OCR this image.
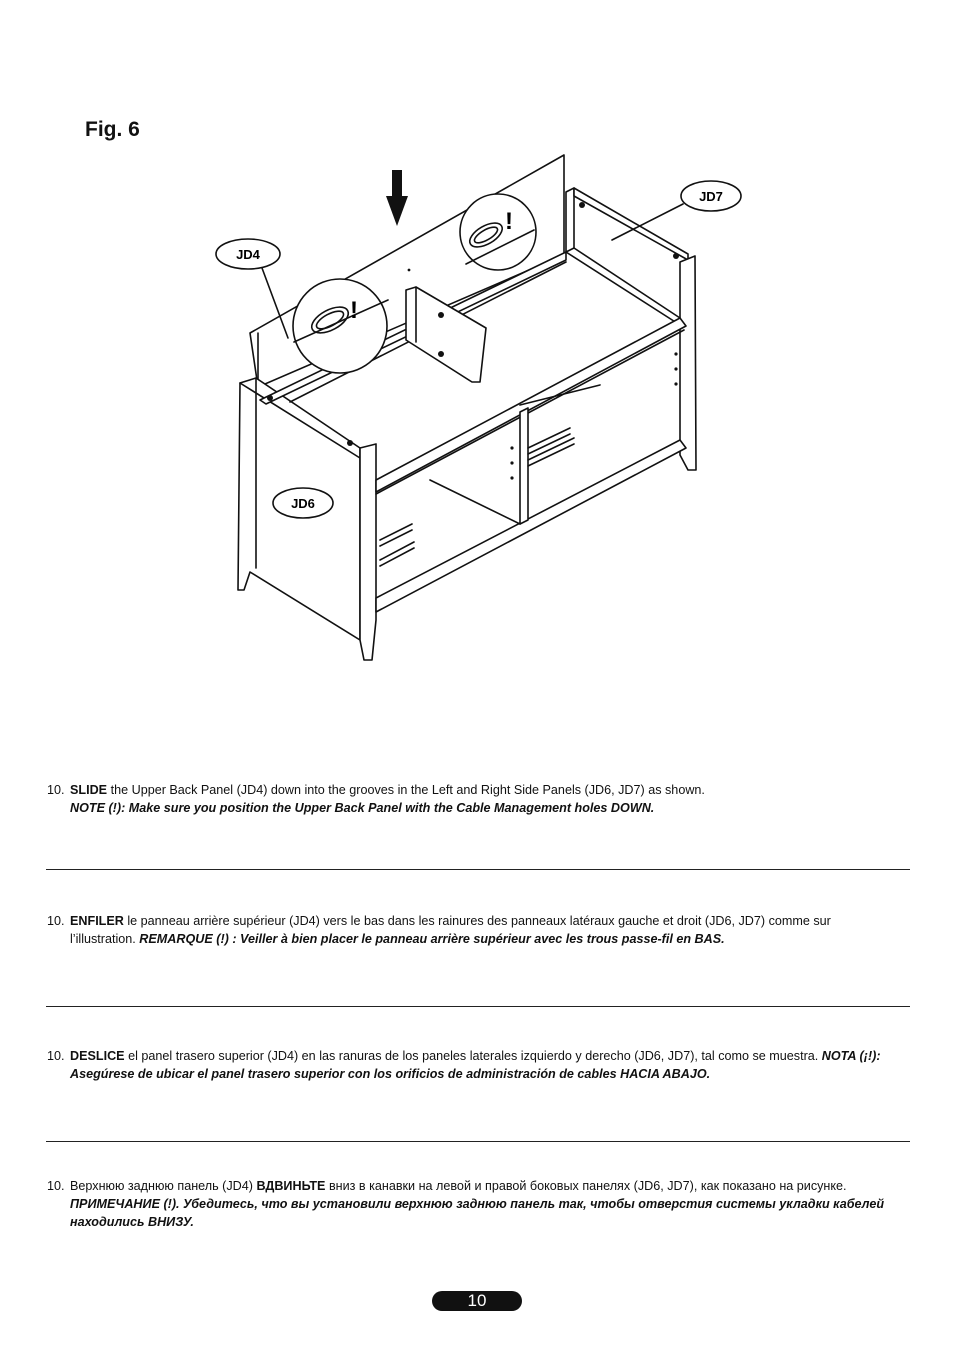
Fig. 6
JD4
JD7
JD6
!
!
10. SLIDE the Upper Back Panel (JD4) down into the grooves in the Left and Right Side Panels (JD6, JD7) as shown.
NOTE (!): Make sure you position the Upper Back Panel with the Cable Management holes DOWN.
10. ENFILER le panneau arrière supérieur (JD4) vers le bas dans les rainures des panneaux latéraux gauche et droit (JD6, JD7) comme sur l’illustration. REMARQUE (!) : Veiller à bien placer le panneau arrière supérieur avec les trous passe-fil en BAS.
10. DESLICE el panel trasero superior (JD4) en las ranuras de los paneles laterales izquierdo y derecho (JD6, JD7), tal como se muestra. NOTA (¡!): Asegúrese de ubicar el panel trasero superior con los orificios de administración de cables HACIA ABAJO.
10. Верхнюю заднюю панель (JD4) ВДВИНЬТЕ вниз в канавки на левой и правой боковых панелях (JD6, JD7), как показано на рисунке. ПРИМЕЧАНИЕ (!). Убедитесь, что вы установили верхнюю заднюю панель так, чтобы отверстия системы укладки кабелей находились ВНИЗУ.
10
